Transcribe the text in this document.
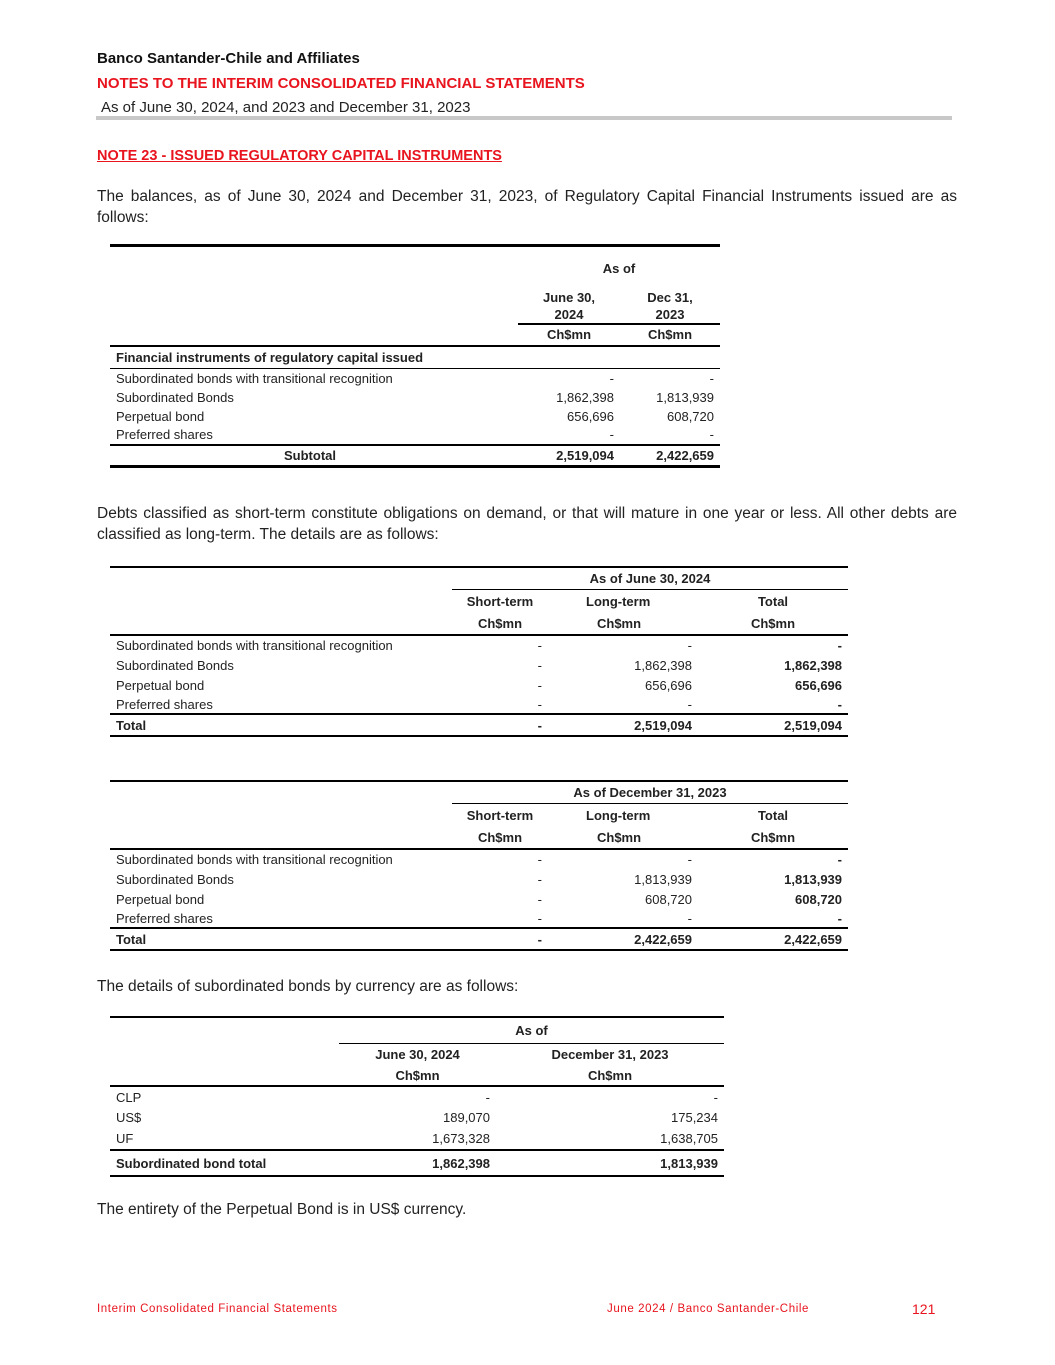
Banco Santander-Chile and Affiliates
NOTES TO THE INTERIM CONSOLIDATED FINANCIAL STATEMENTS
As of June 30, 2024, and 2023 and December 31, 2023
NOTE 23 - ISSUED REGULATORY CAPITAL INSTRUMENTS
The balances, as of June 30, 2024 and December 31, 2023, of Regulatory Capital Financial Instruments issued are as follows:
	As of	
	June 30,	Dec 31,
	2024	2023
	Ch$mn	Ch$mn
Financial instruments of regulatory capital issued		
Subordinated bonds with transitional recognition	-	-
Subordinated Bonds	1,862,398	1,813,939
Perpetual bond	656,696	608,720
Preferred shares	-	-
Subtotal	2,519,094	2,422,659
Debts classified as short-term constitute obligations on demand, or that will mature in one year or less. All other debts are classified as long-term. The details are as follows:
	As of June 30, 2024		
	Short-term	Long-term	Total
	Ch$mn	Ch$mn	Ch$mn
Subordinated bonds with transitional recognition	-	-	-
Subordinated Bonds	-	1,862,398	1,862,398
Perpetual bond	-	656,696	656,696
Preferred shares	-	-	-
Total	-	2,519,094	2,519,094
	As of December 31, 2023		
	Short-term	Long-term	Total
	Ch$mn	Ch$mn	Ch$mn
Subordinated bonds with transitional recognition	-	-	-
Subordinated Bonds	-	1,813,939	1,813,939
Perpetual bond	-	608,720	608,720
Preferred shares	-	-	-
Total	-	2,422,659	2,422,659
The details of subordinated bonds by currency are as follows:
	As of	
	June 30, 2024	December 31, 2023
	Ch$mn	Ch$mn
CLP	-	-
US$	189,070	175,234
UF	1,673,328	1,638,705
Subordinated bond total	1,862,398	1,813,939
The entirety of the Perpetual Bond is in US$ currency.
Interim Consolidated Financial Statements	June 2024 / Banco Santander-Chile	121
